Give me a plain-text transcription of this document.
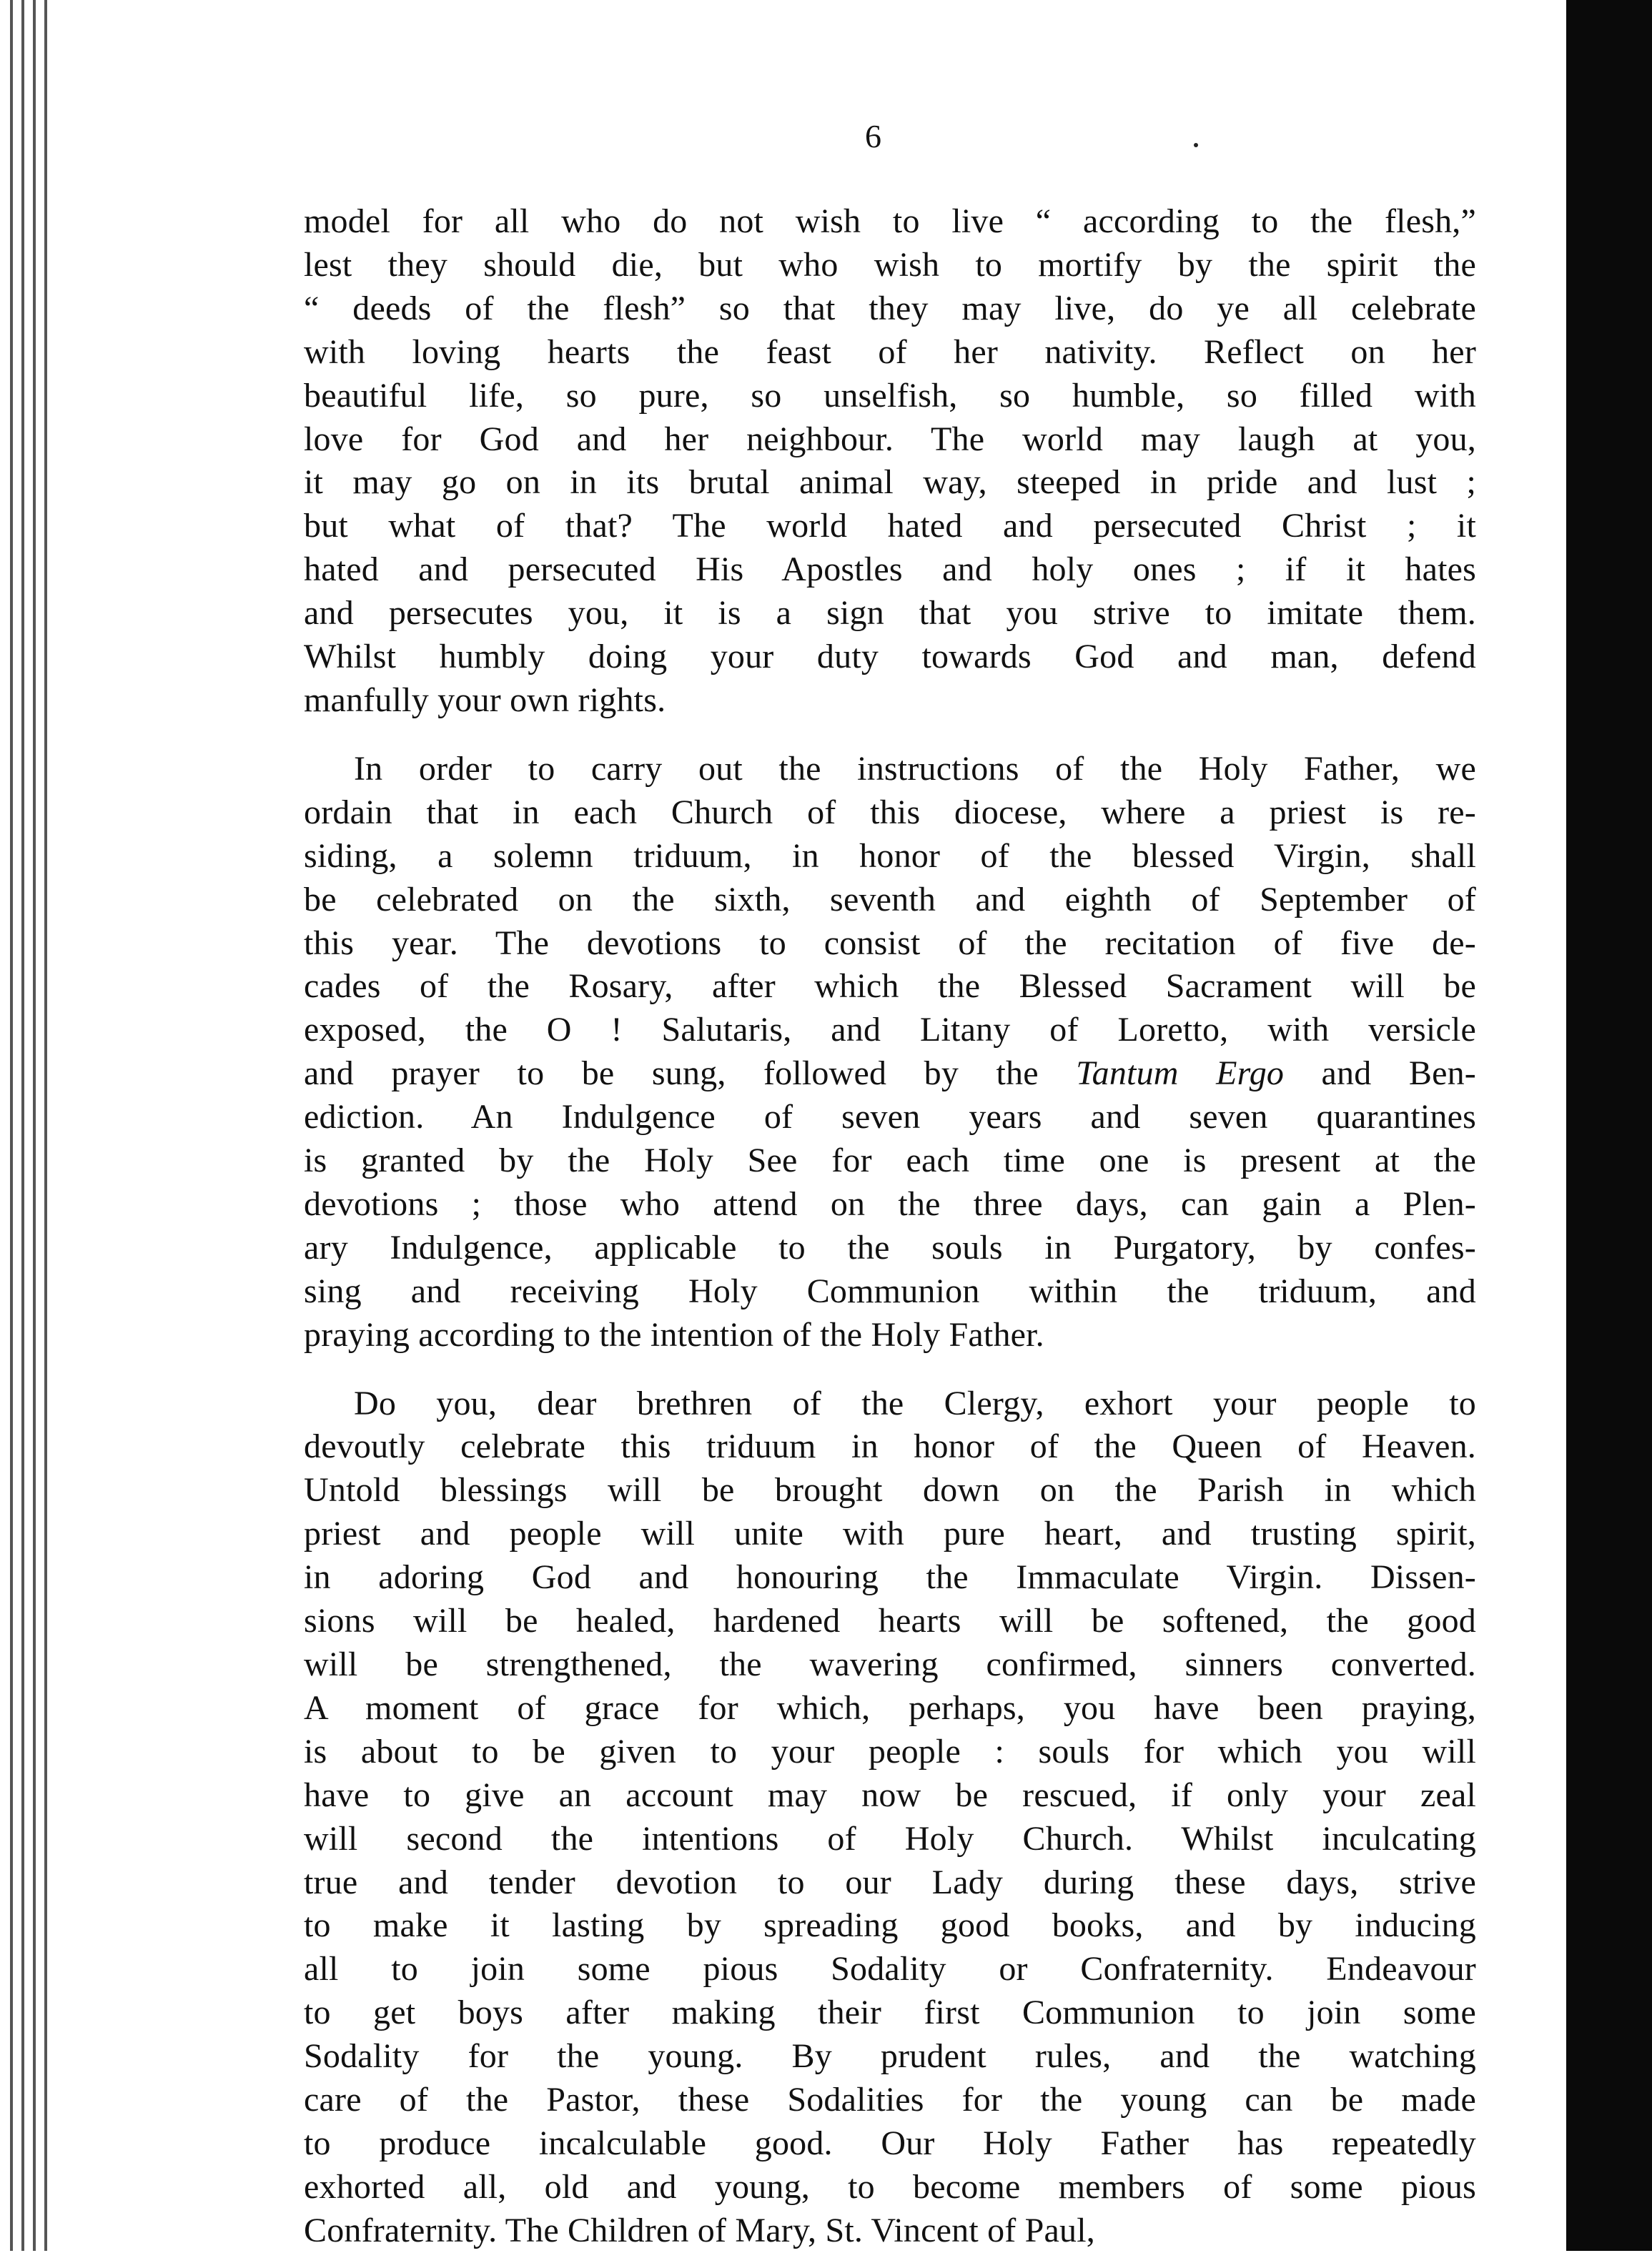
6
model for all who do not wish to live “ according to the flesh,”
lest they should die, but who wish to mortify by the spirit the
“ deeds of the flesh” so that they may live, do ye all celebrate
with loving hearts the feast of her nativity. Reflect on her
beautiful life, so pure, so unselfish, so humble, so filled with
love for God and her neighbour. The world may laugh at you,
it may go on in its brutal animal way, steeped in pride and lust ;
but what of that? The world hated and persecuted Christ ; it
hated and persecuted His Apostles and holy ones ; if it hates
and persecutes you, it is a sign that you strive to imitate them.
Whilst humbly doing your duty towards God and man, defend
manfully your own rights.
In order to carry out the instructions of the Holy Father, we
ordain that in each Church of this diocese, where a priest is re-
siding, a solemn triduum, in honor of the blessed Virgin, shall
be celebrated on the sixth, seventh and eighth of September of
this year. The devotions to consist of the recitation of five de-
cades of the Rosary, after which the Blessed Sacrament will be
exposed, the O ! Salutaris, and Litany of Loretto, with versicle
and prayer to be sung, followed by the Tantum Ergo and Ben-
ediction. An Indulgence of seven years and seven quarantines
is granted by the Holy See for each time one is present at the
devotions ; those who attend on the three days, can gain a Plen-
ary Indulgence, applicable to the souls in Purgatory, by confes-
sing and receiving Holy Communion within the triduum, and
praying according to the intention of the Holy Father.
Do you, dear brethren of the Clergy, exhort your people to
devoutly celebrate this triduum in honor of the Queen of Heaven.
Untold blessings will be brought down on the Parish in which
priest and people will unite with pure heart, and trusting spirit,
in adoring God and honouring the Immaculate Virgin. Dissen-
sions will be healed, hardened hearts will be softened, the good
will be strengthened, the wavering confirmed, sinners converted.
A moment of grace for which, perhaps, you have been praying,
is about to be given to your people : souls for which you will
have to give an account may now be rescued, if only your zeal
will second the intentions of Holy Church. Whilst inculcating
true and tender devotion to our Lady during these days, strive
to make it lasting by spreading good books, and by inducing
all to join some pious Sodality or Confraternity. Endeavour
to get boys after making their first Communion to join some
Sodality for the young. By prudent rules, and the watching
care of the Pastor, these Sodalities for the young can be made
to produce incalculable good. Our Holy Father has repeatedly
exhorted all, old and young, to become members of some pious
Confraternity. The Children of Mary, St. Vincent of Paul,
